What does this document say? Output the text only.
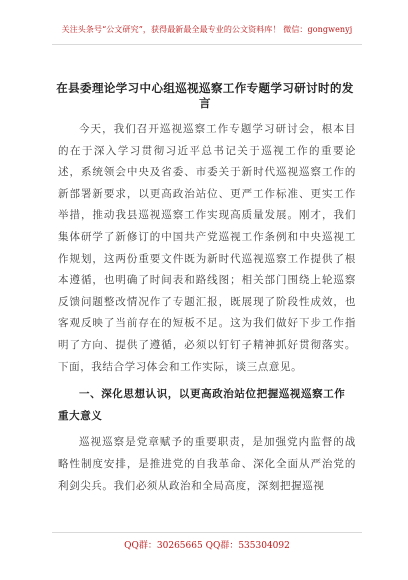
关注头条号“公文研究”，获得最新最全最专业的公文资料库！ 微信：gongwenyj
在县委理论学习中心组巡视巡察工作专题学习研讨时的发
言

今天，我们召开巡视巡察工作专题学习研讨会，根本目的在于深入学习贯彻习近平总书记关于巡视工作的重要论述，系统领会中央及省委、市委关于新时代巡视巡察工作的新部署新要求，以更高政治站位、更严工作标准、更实工作举措，推动我县巡视巡察工作实现高质量发展。刚才，我们集体研学了新修订的中国共产党巡视工作条例和中央巡视工作规划，这两份重要文件既为新时代巡视巡察工作提供了根本遵循，也明确了时间表和路线图；相关部门围绕上轮巡察反馈问题整改情况作了专题汇报，既展现了阶段性成效，也客观反映了当前存在的短板不足。这为我们做好下步工作指明了方向、提供了遵循，必须以钉钉子精神抓好贯彻落实。下面，我结合学习体会和工作实际，谈三点意见。

一、深化思想认识，以更高政治站位把握巡视巡察工作重大意义

巡视巡察是党章赋予的重要职责，是加强党内监督的战略性制度安排，是推进党的自我革命、深化全面从严治党的利剑尖兵。我们必须从政治和全局高度，深刻把握巡视

QQ群：30265665 QQ群：535304092
